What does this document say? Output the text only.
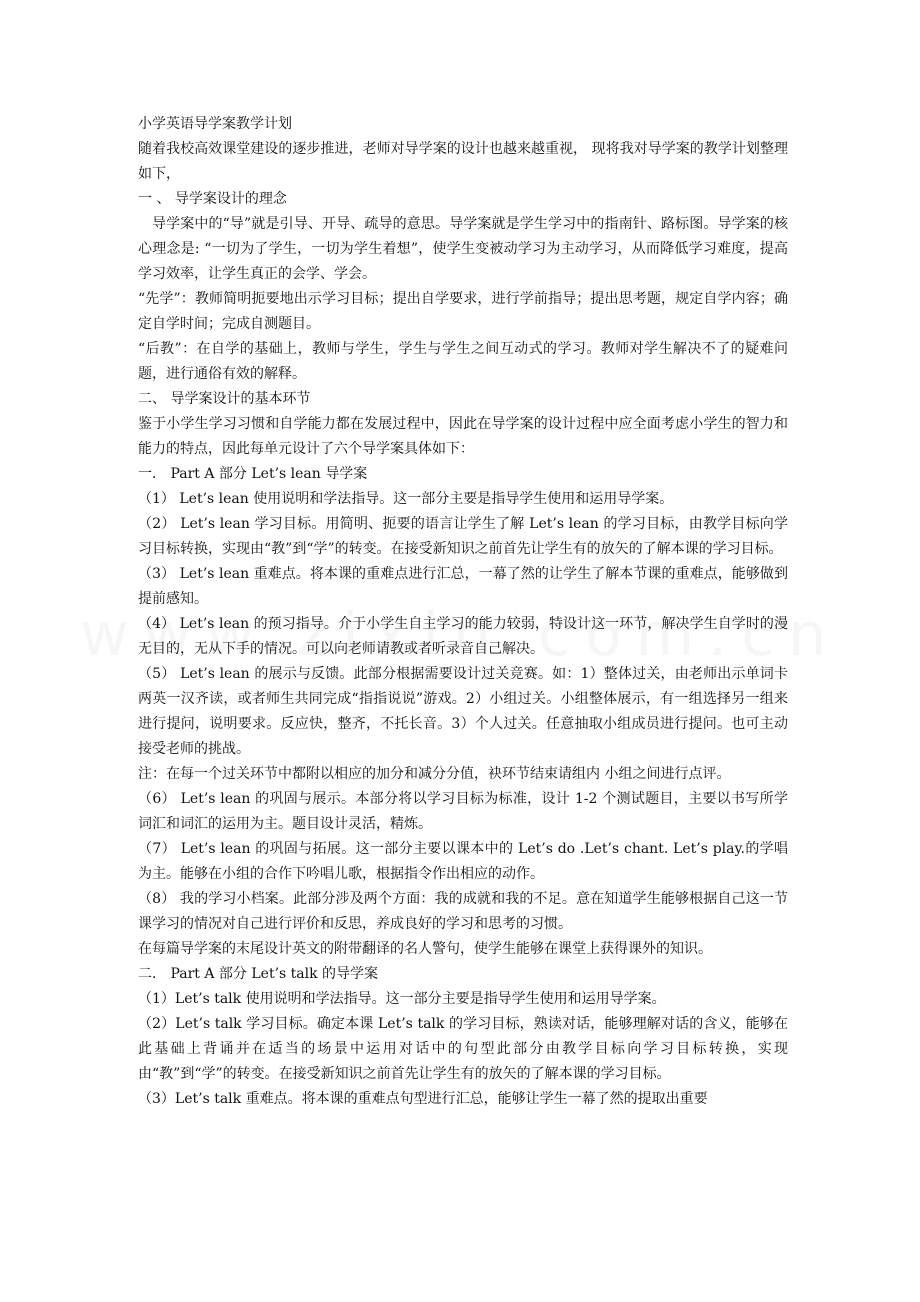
小学英语导学案教学计划

随着我校高效课堂建设的逐步推进，老师对导学案的设计也越来越重视， 现将我对导学案的教学计划整理如下，

一 、 导学案设计的理念

导学案中的“导”就是引导、开导、疏导的意思。导学案就是学生学习中的指南针、路标图。导学案的核心理念是: “一切为了学生，一切为学生着想”，使学生变被动学习为主动学习，从而降低学习难度，提高学习效率，让学生真正的会学、学会。

“先学”：教师简明扼要地出示学习目标；提出自学要求，进行学前指导；提出思考题，规定自学内容；确定自学时间；完成自测题目。

“后教”：在自学的基础上，教师与学生，学生与学生之间互动式的学习。教师对学生解决不了的疑难问题，进行通俗有效的解释。

二、 导学案设计的基本环节

鉴于小学生学习习惯和自学能力都在发展过程中，因此在导学案的设计过程中应全面考虑小学生的智力和能力的特点，因此每单元设计了六个导学案具体如下：

一． Part A 部分 Let’s lean 导学案

（1） Let’s lean 使用说明和学法指导。这一部分主要是指导学生使用和运用导学案。

（2） Let’s lean 学习目标。用简明、扼要的语言让学生了解 Let’s lean 的学习目标，由教学目标向学习目标转换，实现由“教”到“学”的转变。在接受新知识之前首先让学生有的放矢的了解本课的学习目标。

（3） Let’s lean 重难点。将本课的重难点进行汇总，一幕了然的让学生了解本节课的重难点，能够做到提前感知。

（4） Let’s lean 的预习指导。介于小学生自主学习的能力较弱，特设计这一环节，解决学生自学时的漫无目的，无从下手的情况。可以向老师请教或者听录音自己解决。

（5） Let’s lean 的展示与反馈。此部分根据需要设计过关竞赛。如：1）整体过关，由老师出示单词卡两英一汉齐读，或者师生共同完成“指指说说”游戏。2）小组过关。小组整体展示，有一组选择另一组来进行提问，说明要求。反应快，整齐，不托长音。3）个人过关。任意抽取小组成员进行提问。也可主动接受老师的挑战。

注：在每一个过关环节中都附以相应的加分和减分分值，袂环节结束请组内 小组之间进行点评。

（6） Let’s lean 的巩固与展示。本部分将以学习目标为标准，设计 1-2 个测试题目，主要以书写所学词汇和词汇的运用为主。题目设计灵活，精炼。

（7） Let’s lean 的巩固与拓展。这一部分主要以课本中的 Let’s do .Let’s chant. Let’s play.的学唱为主。能够在小组的合作下吟唱儿歌，根据指令作出相应的动作。

（8） 我的学习小档案。此部分涉及两个方面：我的成就和我的不足。意在知道学生能够根据自己这一节课学习的情况对自己进行评价和反思，养成良好的学习和思考的习惯。

在每篇导学案的末尾设计英文的附带翻译的名人警句，使学生能够在课堂上获得课外的知识。

二． Part A 部分 Let’s talk 的导学案

（1）Let’s talk 使用说明和学法指导。这一部分主要是指导学生使用和运用导学案。

（2）Let’s talk 学习目标。确定本课 Let’s talk 的学习目标，熟读对话，能够理解对话的含义，能够在此基础上背诵并在适当的场景中运用对话中的句型此部分由教学目标向学习目标转换，实现由“教”到“学”的转变。在接受新知识之前首先让学生有的放矢的了解本课的学习目标。

（3）Let’s talk 重难点。将本课的重难点句型进行汇总，能够让学生一幕了然的提取出重要
